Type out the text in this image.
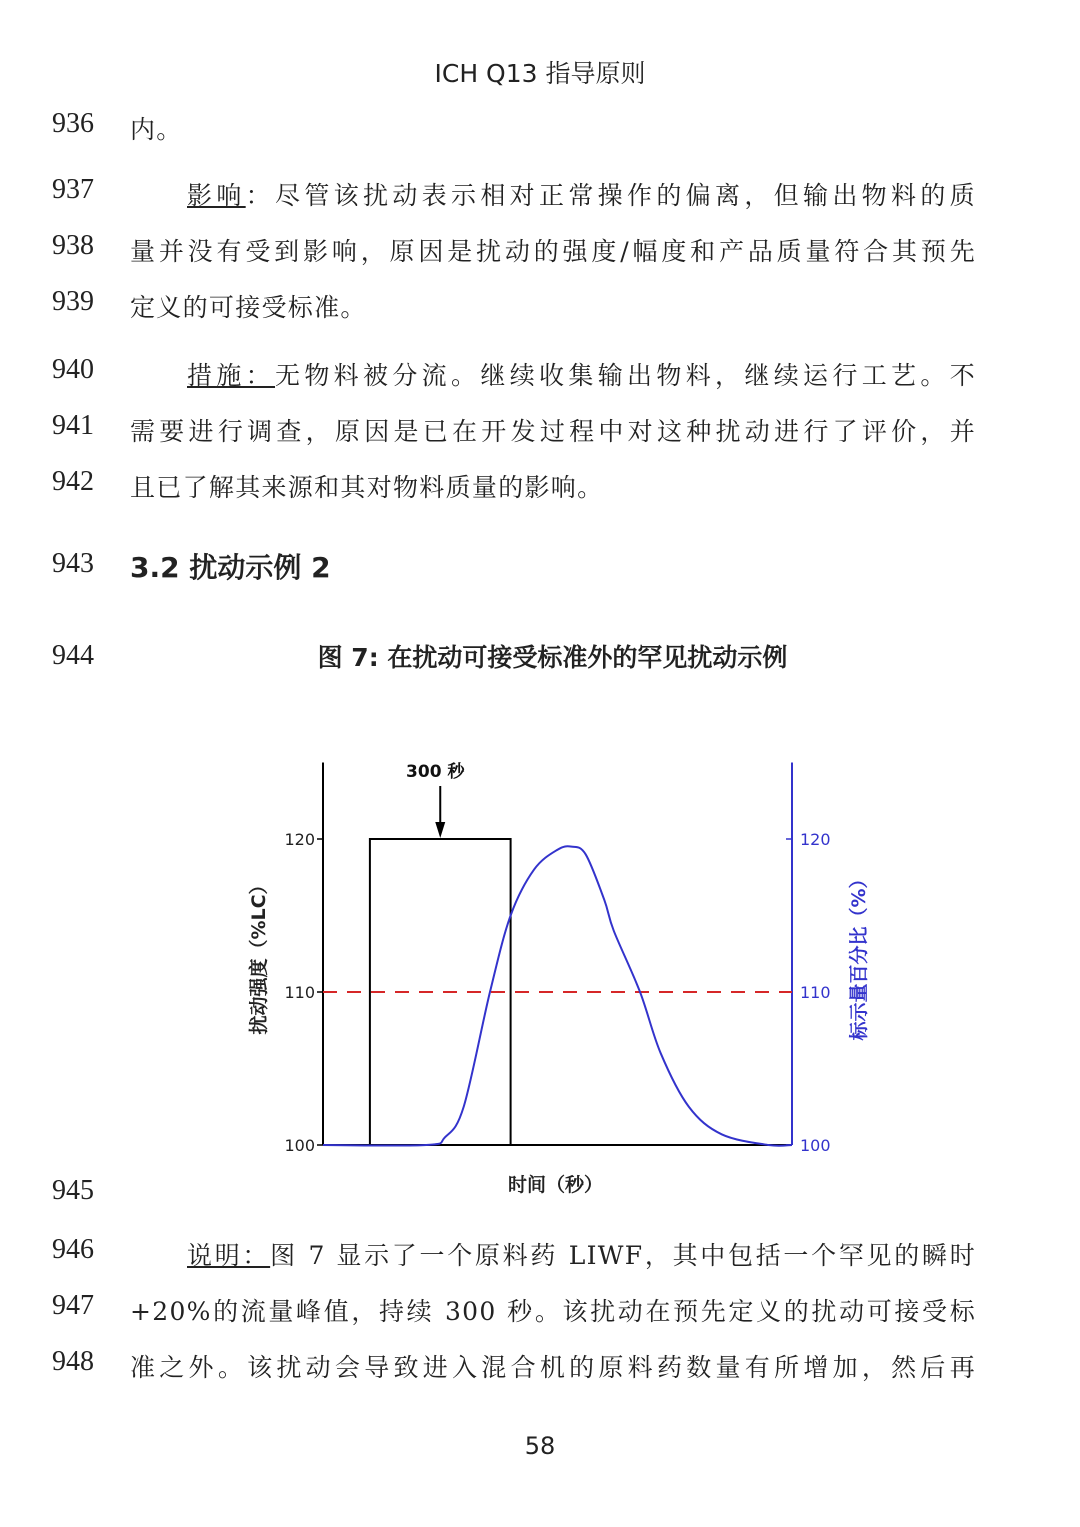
ICH Q13 指导原则
936 内。
937	影响：尽管该扰动表示相对正常操作的偏离，但输出物料的质
938 量并没有受到影响，原因是扰动的强度/幅度和产品质量符合其预先
939 定义的可接受标准。
940	措施：无物料被分流。继续收集输出物料，继续运行工艺。不
941 需要进行调查，原因是已在开发过程中对这种扰动进行了评价，并
942 且已了解其来源和其对物料质量的影响。
943 3.2 扰动示例 2
944	图 7: 在扰动可接受标准外的罕见扰动示例
945
946	说明：图 7 显示了一个原料药 LIWF，其中包括一个罕见的瞬时
947 +20%的流量峰值，持续 300 秒。该扰动在预先定义的扰动可接受标
948 准之外。该扰动会导致进入混合机的原料药数量有所增加，然后再
100	100
110	110
120	120
300 秒
时间（秒）
扰动强度（%LC）	标示量百分比（%）
58
